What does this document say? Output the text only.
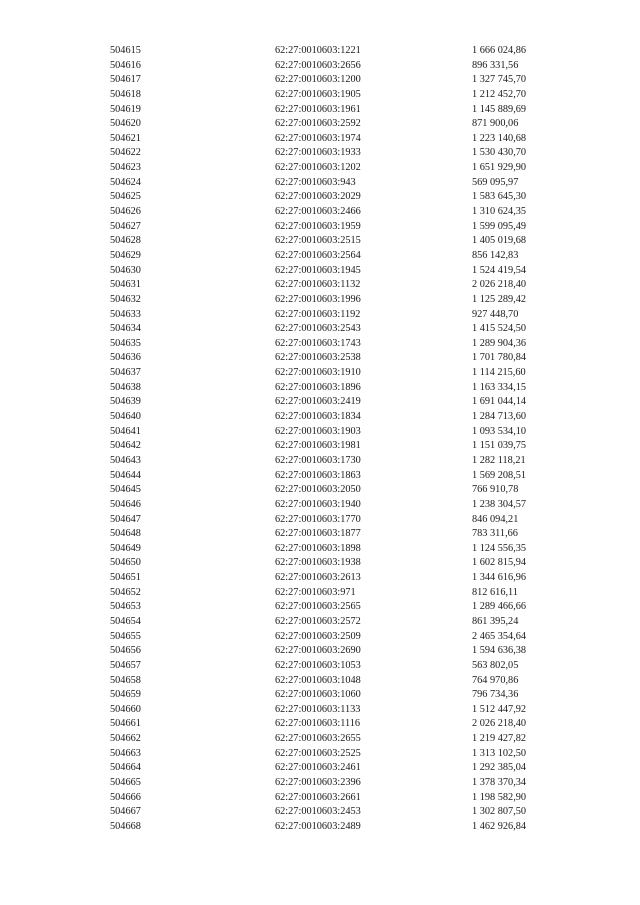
504615	62:27:0010603:1221	1 666 024,86
504616	62:27:0010603:2656	896 331,56
504617	62:27:0010603:1200	1 327 745,70
504618	62:27:0010603:1905	1 212 452,70
504619	62:27:0010603:1961	1 145 889,69
504620	62:27:0010603:2592	871 900,06
504621	62:27:0010603:1974	1 223 140,68
504622	62:27:0010603:1933	1 530 430,70
504623	62:27:0010603:1202	1 651 929,90
504624	62:27:0010603:943	569 095,97
504625	62:27:0010603:2029	1 583 645,30
504626	62:27:0010603:2466	1 310 624,35
504627	62:27:0010603:1959	1 599 095,49
504628	62:27:0010603:2515	1 405 019,68
504629	62:27:0010603:2564	856 142,83
504630	62:27:0010603:1945	1 524 419,54
504631	62:27:0010603:1132	2 026 218,40
504632	62:27:0010603:1996	1 125 289,42
504633	62:27:0010603:1192	927 448,70
504634	62:27:0010603:2543	1 415 524,50
504635	62:27:0010603:1743	1 289 904,36
504636	62:27:0010603:2538	1 701 780,84
504637	62:27:0010603:1910	1 114 215,60
504638	62:27:0010603:1896	1 163 334,15
504639	62:27:0010603:2419	1 691 044,14
504640	62:27:0010603:1834	1 284 713,60
504641	62:27:0010603:1903	1 093 534,10
504642	62:27:0010603:1981	1 151 039,75
504643	62:27:0010603:1730	1 282 118,21
504644	62:27:0010603:1863	1 569 208,51
504645	62:27:0010603:2050	766 910,78
504646	62:27:0010603:1940	1 238 304,57
504647	62:27:0010603:1770	846 094,21
504648	62:27:0010603:1877	783 311,66
504649	62:27:0010603:1898	1 124 556,35
504650	62:27:0010603:1938	1 602 815,94
504651	62:27:0010603:2613	1 344 616,96
504652	62:27:0010603:971	812 616,11
504653	62:27:0010603:2565	1 289 466,66
504654	62:27:0010603:2572	861 395,24
504655	62:27:0010603:2509	2 465 354,64
504656	62:27:0010603:2690	1 594 636,38
504657	62:27:0010603:1053	563 802,05
504658	62:27:0010603:1048	764 970,86
504659	62:27:0010603:1060	796 734,36
504660	62:27:0010603:1133	1 512 447,92
504661	62:27:0010603:1116	2 026 218,40
504662	62:27:0010603:2655	1 219 427,82
504663	62:27:0010603:2525	1 313 102,50
504664	62:27:0010603:2461	1 292 385,04
504665	62:27:0010603:2396	1 378 370,34
504666	62:27:0010603:2661	1 198 582,90
504667	62:27:0010603:2453	1 302 807,50
504668	62:27:0010603:2489	1 462 926,84
